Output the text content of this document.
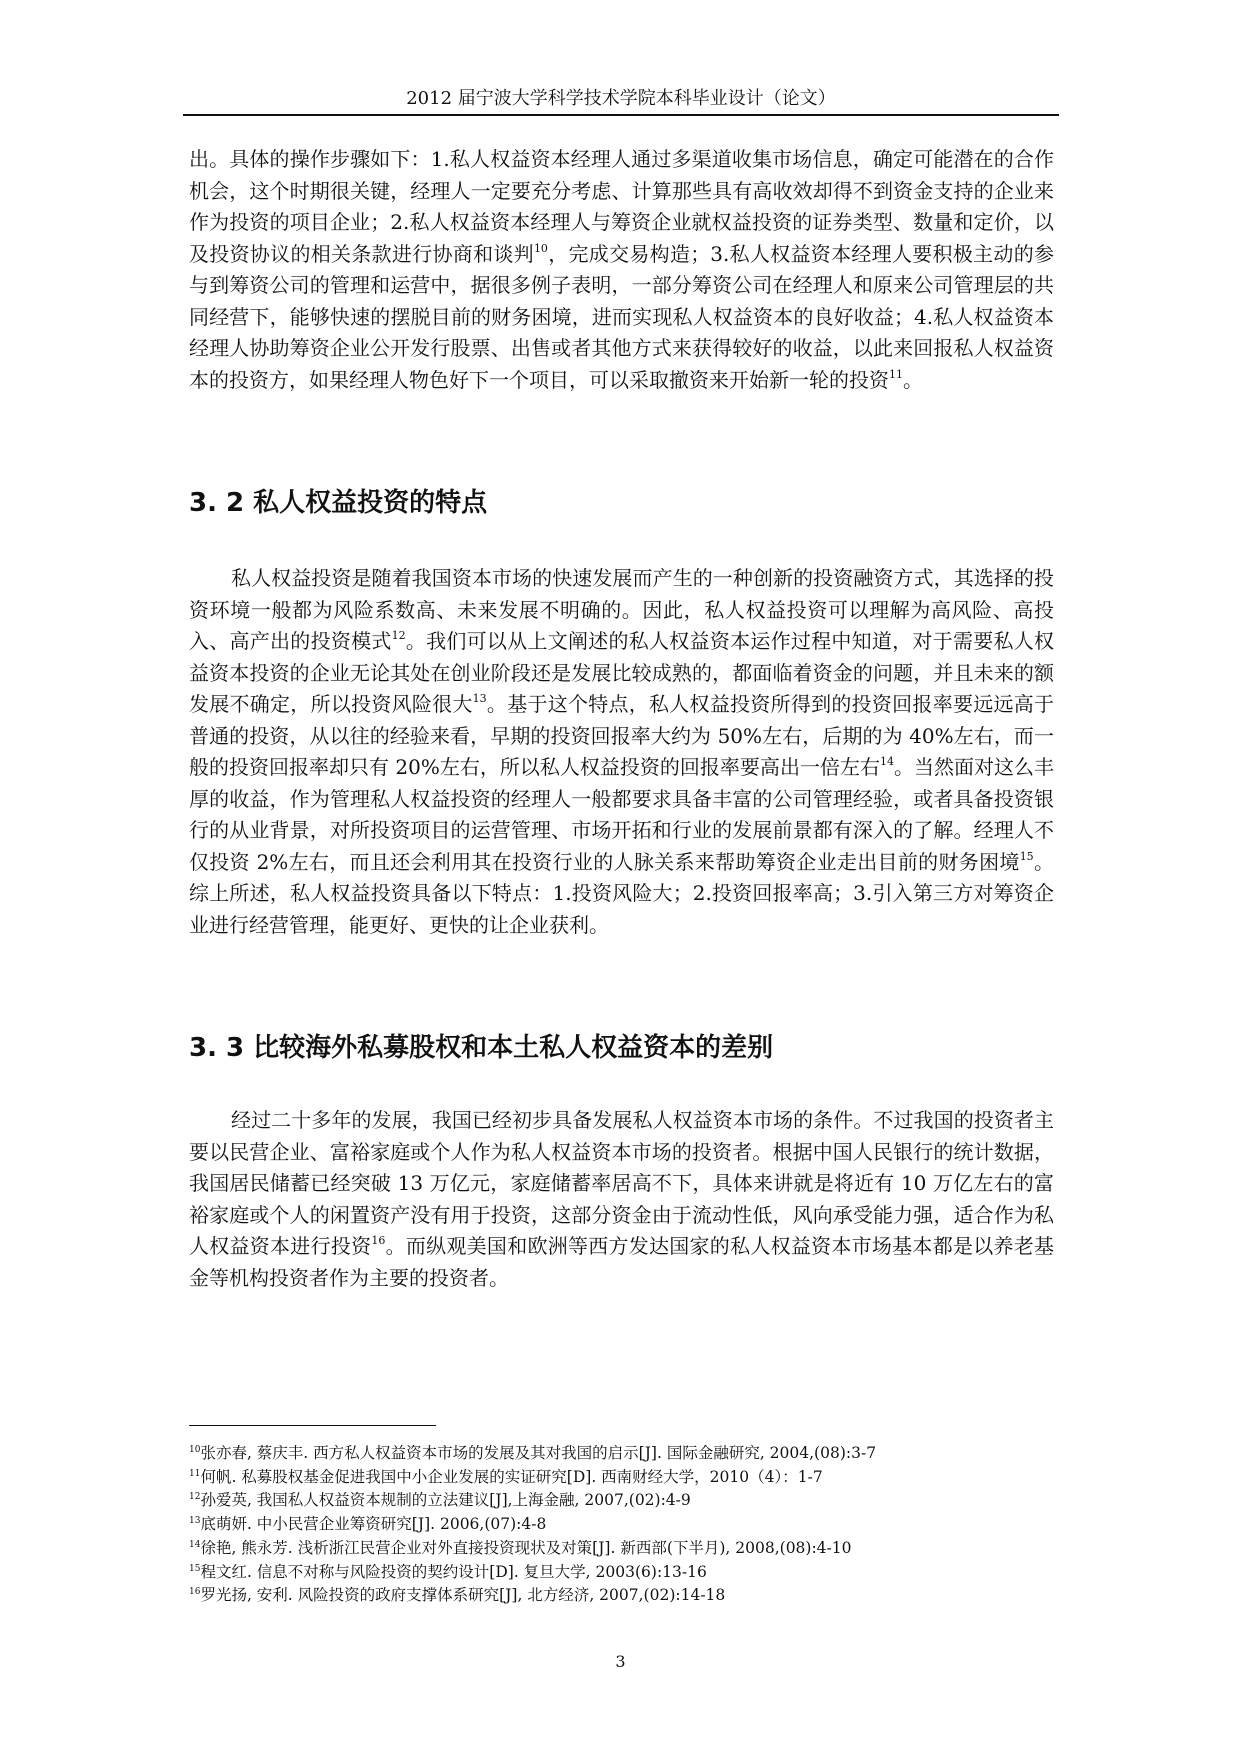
2012 届宁波大学科学技术学院本科毕业设计（论文）

出。具体的操作步骤如下：1.私人权益资本经理人通过多渠道收集市场信息，确定可能潜在的合作机会，这个时期很关键，经理人一定要充分考虑、计算那些具有高收效却得不到资金支持的企业来作为投资的项目企业；2.私人权益资本经理人与筹资企业就权益投资的证券类型、数量和定价，以及投资协议的相关条款进行协商和谈判$^{10}$，完成交易构造；3.私人权益资本经理人要积极主动的参与到筹资公司的管理和运营中，据很多例子表明，一部分筹资公司在经理人和原来公司管理层的共同经营下，能够快速的摆脱目前的财务困境，进而实现私人权益资本的良好收益；4.私人权益资本经理人协助筹资企业公开发行股票、出售或者其他方式来获得较好的收益，以此来回报私人权益资本的投资方，如果经理人物色好下一个项目，可以采取撤资来开始新一轮的投资$^{11}$。

3. 2 私人权益投资的特点

私人权益投资是随着我国资本市场的快速发展而产生的一种创新的投资融资方式，其选择的投资环境一般都为风险系数高、未来发展不明确的。因此，私人权益投资可以理解为高风险、高投入、高产出的投资模式$^{12}$。我们可以从上文阐述的私人权益资本运作过程中知道，对于需要私人权益资本投资的企业无论其处在创业阶段还是发展比较成熟的，都面临着资金的问题，并且未来的额发展不确定，所以投资风险很大$^{13}$。基于这个特点，私人权益投资所得到的投资回报率要远远高于普通的投资，从以往的经验来看，早期的投资回报率大约为 50%左右，后期的为 40%左右，而一般的投资回报率却只有 20%左右，所以私人权益投资的回报率要高出一倍左右$^{14}$。当然面对这么丰厚的收益，作为管理私人权益投资的经理人一般都要求具备丰富的公司管理经验，或者具备投资银行的从业背景，对所投资项目的运营管理、市场开拓和行业的发展前景都有深入的了解。经理人不仅投资 2%左右，而且还会利用其在投资行业的人脉关系来帮助筹资企业走出目前的财务困境$^{15}$。综上所述，私人权益投资具备以下特点：1.投资风险大；2.投资回报率高；3.引入第三方对筹资企业进行经营管理，能更好、更快的让企业获利。

3. 3 比较海外私募股权和本土私人权益资本的差别

经过二十多年的发展，我国已经初步具备发展私人权益资本市场的条件。不过我国的投资者主要以民营企业、富裕家庭或个人作为私人权益资本市场的投资者。根据中国人民银行的统计数据，我国居民储蓄已经突破 13 万亿元，家庭储蓄率居高不下，具体来讲就是将近有 10 万亿左右的富裕家庭或个人的闲置资产没有用于投资，这部分资金由于流动性低，风向承受能力强，适合作为私人权益资本进行投资$^{16}$。而纵观美国和欧洲等西方发达国家的私人权益资本市场基本都是以养老基金等机构投资者作为主要的投资者。

$^{10}$张亦春, 蔡庆丰. 西方私人权益资本市场的发展及其对我国的启示[J]. 国际金融研究, 2004,(08):3-7
$^{11}$何帆. 私募股权基金促进我国中小企业发展的实证研究[D]. 西南财经大学，2010（4）：1-7
$^{12}$孙爱英, 我国私人权益资本规制的立法建议[J],上海金融, 2007,(02):4-9
$^{13}$底萌妍. 中小民营企业筹资研究[J]. 2006,(07):4-8
$^{14}$徐艳, 熊永芳. 浅析浙江民营企业对外直接投资现状及对策[J]. 新西部(下半月), 2008,(08):4-10
$^{15}$程文红. 信息不对称与风险投资的契约设计[D]. 复旦大学, 2003(6):13-16
$^{16}$罗光扬, 安利. 风险投资的政府支撑体系研究[J], 北方经济, 2007,(02):14-18
3
